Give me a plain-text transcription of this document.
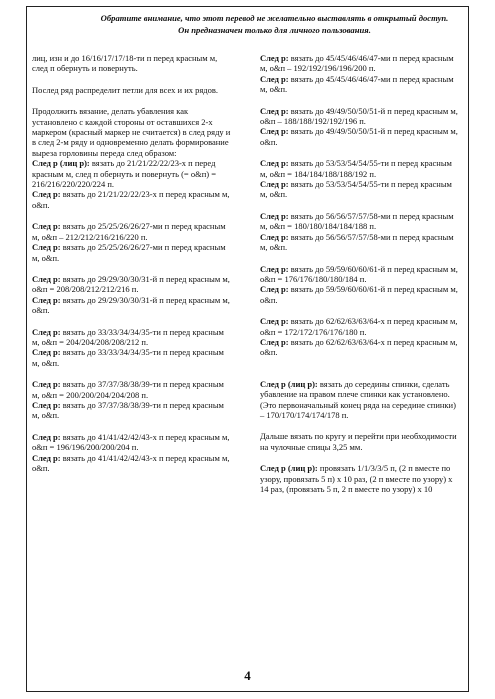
Обратите внимание, что этот перевод не желательно выставлять в открытый доступ. Он предназначен только для личного пользования.

лиц, изн и до 16/16/17/17/18-ти п перед красным м, след п обернуть и повернуть.

Послед ряд распределит петли для всех и их рядов.

Продолжить вязание, делать убавления как установлено с каждой стороны от оставшихся 2-х маркером (красный маркер не считается) в след ряду и в след 2-м ряду и одновременно делать формирование выреза горловины переда след образом:

След р (лиц р): вязать до 21/21/22/22/23-х п перед красным м, след п обернуть и повернуть (= о&п) = 216/216/220/220/224 п.

След р: вязать до 21/21/22/22/23-х п перед красным м, о&п.

След р: вязать до 25/25/26/26/27-ми п перед красным м, о&п – 212/212/216/216/220 п.

След р: вязать до 25/25/26/26/27-ми п перед красным м, о&п.

След р: вязать до 29/29/30/30/31-й п перед красным м, о&п = 208/208/212/212/216 п.

След р: вязать до 29/29/30/30/31-й п перед красным м, о&п.

След р: вязать до 33/33/34/34/35-ти п перед красным м, о&п = 204/204/208/208/212 п.

След р: вязать до 33/33/34/34/35-ти п перед красным м, о&п.

След р: вязать до 37/37/38/38/39-ти п перед красным м, о&п = 200/200/204/204/208 п.

След р: вязать до 37/37/38/38/39-ти п перед красным м, о&п.

След р: вязать до 41/41/42/42/43-х п перед красным м, о&п = 196/196/200/200/204 п.

След р: вязать до 41/41/42/42/43-х п перед красным м, о&п.

След р: вязать до 45/45/46/46/47-ми п перед красным м, о&п – 192/192/196/196/200 п.

След р: вязать до 45/45/46/46/47-ми п перед красным м, о&п.

След р: вязать до 49/49/50/50/51-й п перед красным м, о&п – 188/188/192/192/196 п.

След р: вязать до 49/49/50/50/51-й п перед красным м, о&п.

След р: вязать до 53/53/54/54/55-ти п перед красным м, о&п = 184/184/188/188/192 п.

След р: вязать до 53/53/54/54/55-ти п перед красным м, о&п.

След р: вязать до 56/56/57/57/58-ми п перед красным м, о&п = 180/180/184/184/188 п.

След р: вязать до 56/56/57/57/58-ми п перед красным м, о&п.

След р: вязать до 59/59/60/60/61-й п перед красным м, о&п = 176/176/180/180/184 п.

След р: вязать до 59/59/60/60/61-й п перед красным м, о&п.

След р: вязать до 62/62/63/63/64-х п перед красным м, о&п = 172/172/176/176/180 п.

След р: вязать до 62/62/63/63/64-х п перед красным м, о&п.

След р (лиц р): вязать до середины спинки, сделать убавление на правом плече спинки как установлено. (Это первоначальный конец ряда на середине спинки) – 170/170/174/174/178 п.

Дальше вязать по кругу и перейти при необходимости на чулочные спицы 3,25 мм.

След р (лиц р): провязать 1/1/3/3/5 п, (2 п вместе по узору, провязать 5 п) x 10 раз, (2 п вместе по узору) x 14 раз, (провязать 5 п, 2 п вместе по узору) x 10

4
